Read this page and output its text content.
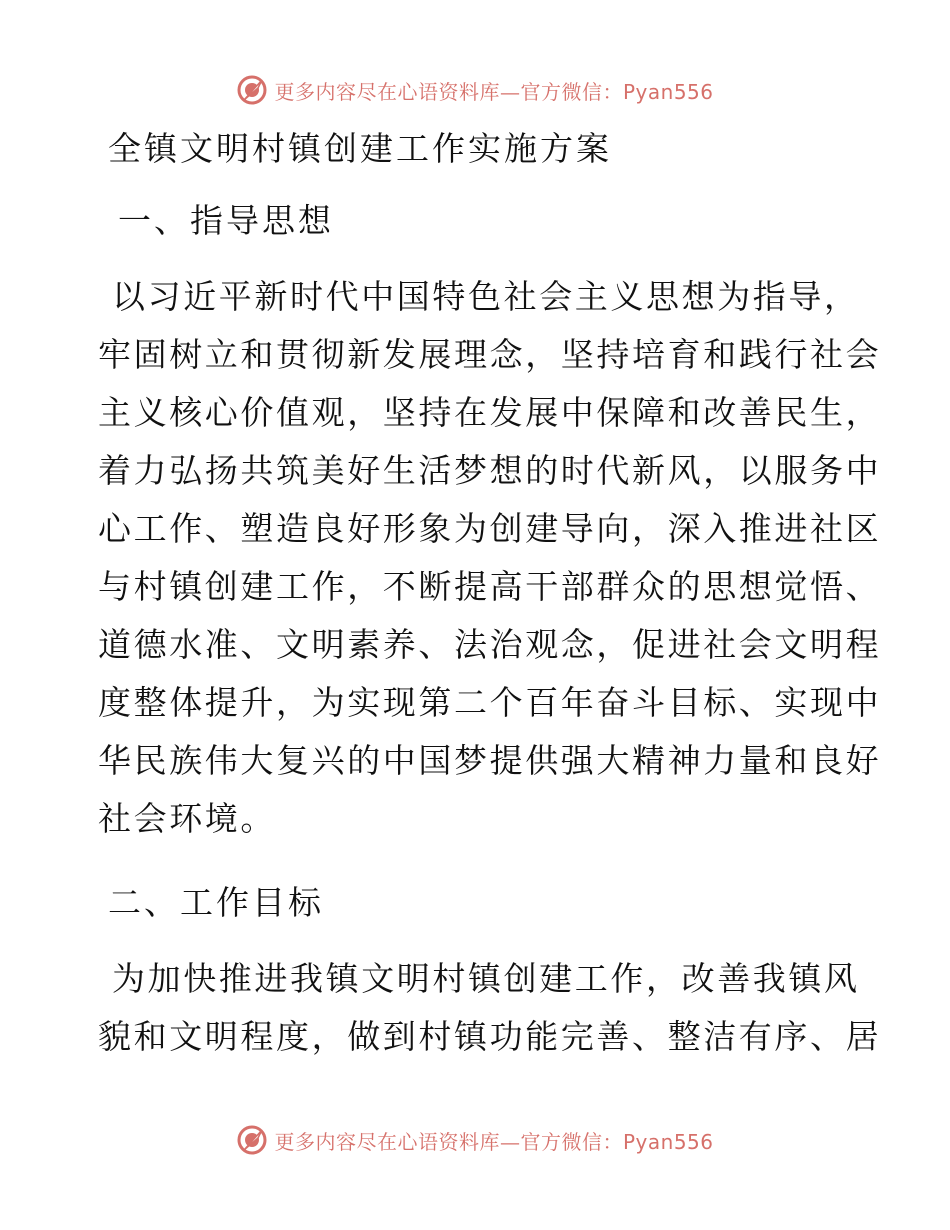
更多内容尽在心语资料库—官方微信：Pyan556
全镇文明村镇创建工作实施方案
一、指导思想

以习近平新时代中国特色社会主义思想为指导，
牢固树立和贯彻新发展理念，坚持培育和践行社会
主义核心价值观，坚持在发展中保障和改善民生，
着力弘扬共筑美好生活梦想的时代新风，以服务中
心工作、塑造良好形象为创建导向，深入推进社区
与村镇创建工作，不断提高干部群众的思想觉悟、
道德水准、文明素养、法治观念，促进社会文明程
度整体提升，为实现第二个百年奋斗目标、实现中
华民族伟大复兴的中国梦提供强大精神力量和良好
社会环境。

二、工作目标

为加快推进我镇文明村镇创建工作，改善我镇风
貌和文明程度，做到村镇功能完善、整洁有序、居

更多内容尽在心语资料库—官方微信：Pyan556
